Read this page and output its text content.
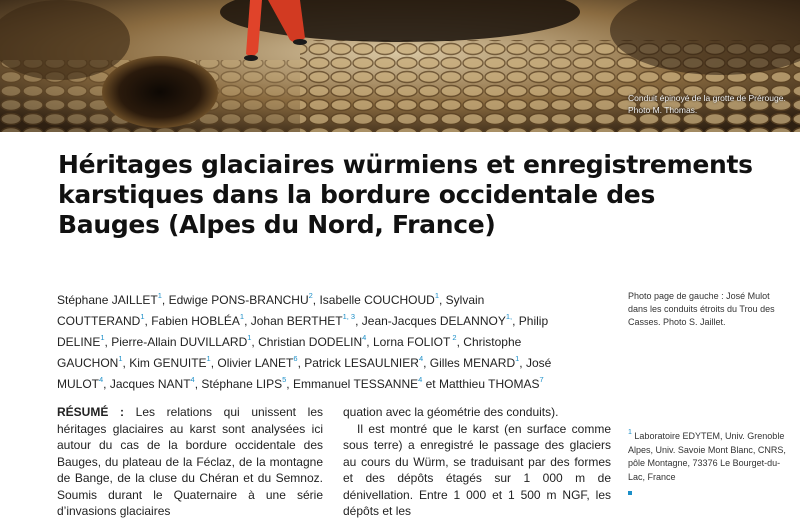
Conduit épinoyé de la grotte de Prérouge. Photo M. Thomas.
Héritages glaciaires würmiens et enregistrements karstiques dans la bordure occidentale des Bauges (Alpes du Nord, France)
Stéphane JAILLET$^1$, Edwige PONS-BRANCHU$^2$, Isabelle COUCHOUD$^1$, Sylvain COUTTERAND$^1$, Fabien HOBLÉA$^1$, Johan BERTHET$^{1, 3}$, Jean-Jacques $DELANNOY^{1,}$, Philip DELINE$^1$, Pierre-Allain DUVILLARD$^1$, Christian DODELIN$^4$, Lorna FOLIOT $^2$, Christophe GAUCHON$^1$, Kim GENUITE$^1$, Olivier LANET$^6$, Patrick LESAULNIER$^4$, Gilles MENARD$^1$, José MULOT$^4$, Jacques NANT$^4$, Stéphane LIPS$^5$, Emmanuel TESSANNE$^4$ et Matthieu THOMAS$^7$
Photo page de gauche : José Mulot dans les conduits étroits du Trou des Casses. Photo S. Jaillet.
RÉSUMÉ : Les relations qui unissent les héritages glaciaires au karst sont analysées ici autour du cas de la bordure occidentale des Bauges, du plateau de la Féclaz, de la montagne de Bange, de la cluse du Chéran et du Semnoz. Soumis durant le Quaternaire à une série d’invasions glaciaires

quation avec la géométrie des conduits).

Il est montré que le karst (en surface comme sous terre) a enregistré le passage des glaciers au cours du Würm, se traduisant par des formes et des dépôts étagés sur 1 000 m de dénivellation. Entre 1 000 et 1 500 m NGF, les dépôts et les

$^1$ Laboratoire EDYTEM, Univ. Grenoble Alpes, Univ. Savoie Mont Blanc, CNRS, pôle Montagne, 73376 Le Bourget-du-Lac, France
